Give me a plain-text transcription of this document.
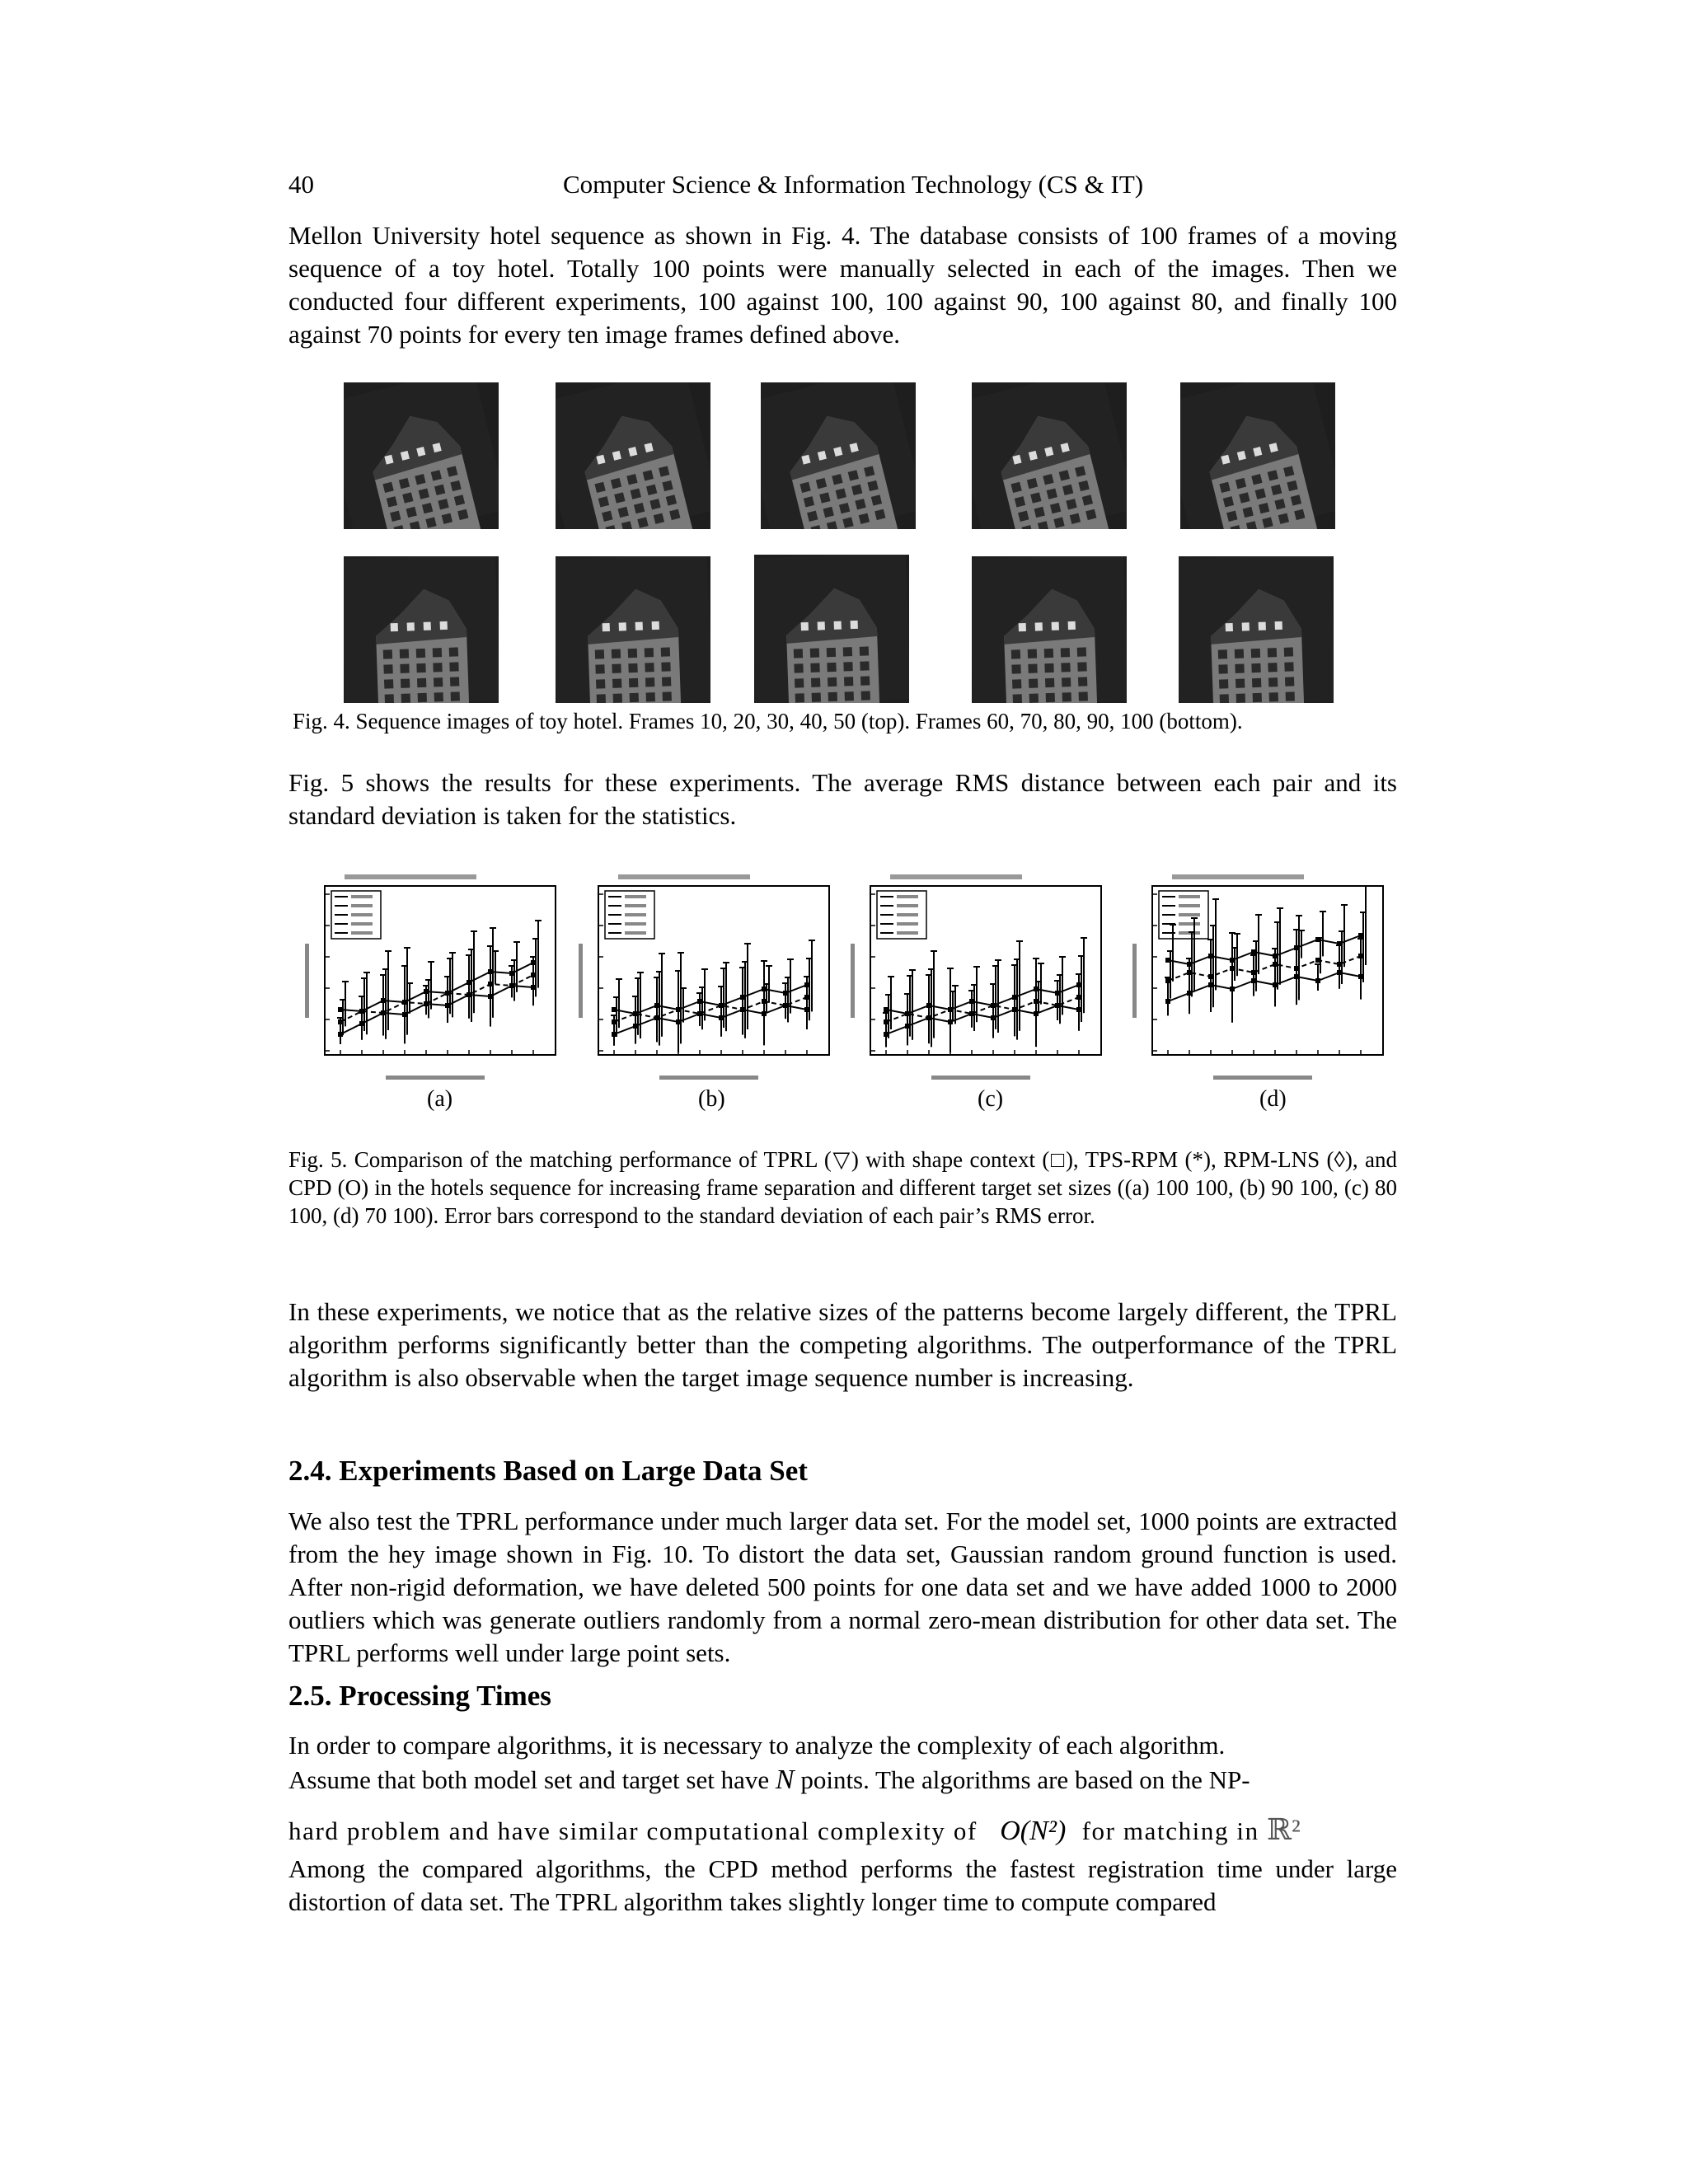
40	Computer Science & Information Technology (CS & IT)

Mellon University hotel sequence as shown in Fig. 4. The database consists of 100 frames of a moving sequence of a toy hotel. Totally 100 points were manually selected in each of the images. Then we conducted four different experiments, 100 against 100, 100 against 90, 100 against 80, and finally 100 against 70 points for every ten image frames defined above.

Fig. 4. Sequence images of toy hotel. Frames 10, 20, 30, 40, 50 (top). Frames 60, 70, 80, 90, 100 (bottom).

Fig. 5 shows the results for these experiments. The average RMS distance between each pair and its standard deviation is taken for the statistics.

(a)	(b)	(c)	(d)

Fig. 5. Comparison of the matching performance of TPRL (▽) with shape context (□), TPS-RPM (*), RPM-LNS (◊), and CPD (O) in the hotels sequence for increasing frame separation and different target set sizes ((a) 100 100, (b) 90 100, (c) 80 100, (d) 70 100). Error bars correspond to the standard deviation of each pair’s RMS error.

In these experiments, we notice that as the relative sizes of the patterns become largely different, the TPRL algorithm performs significantly better than the competing algorithms. The outperformance of the TPRL algorithm is also observable when the target image sequence number is increasing.

2.4. Experiments Based on Large Data Set

We also test the TPRL performance under much larger data set. For the model set, 1000 points are extracted from the hey image shown in Fig. 10. To distort the data set, Gaussian random ground function is used. After non-rigid deformation, we have deleted 500 points for one data set and we have added 1000 to 2000 outliers which was generate outliers randomly from a normal zero-mean distribution for other data set. The TPRL performs well under large point sets.

2.5. Processing Times

In order to compare algorithms, it is necessary to analyze the complexity of each algorithm.

Assume that both model set and target set have N points. The algorithms are based on the NP-

hard problem and have similar computational complexity of O(N²) for matching in ℝ²

Among the compared algorithms, the CPD method performs the fastest registration time under large distortion of data set. The TPRL algorithm takes slightly longer time to compute compared
